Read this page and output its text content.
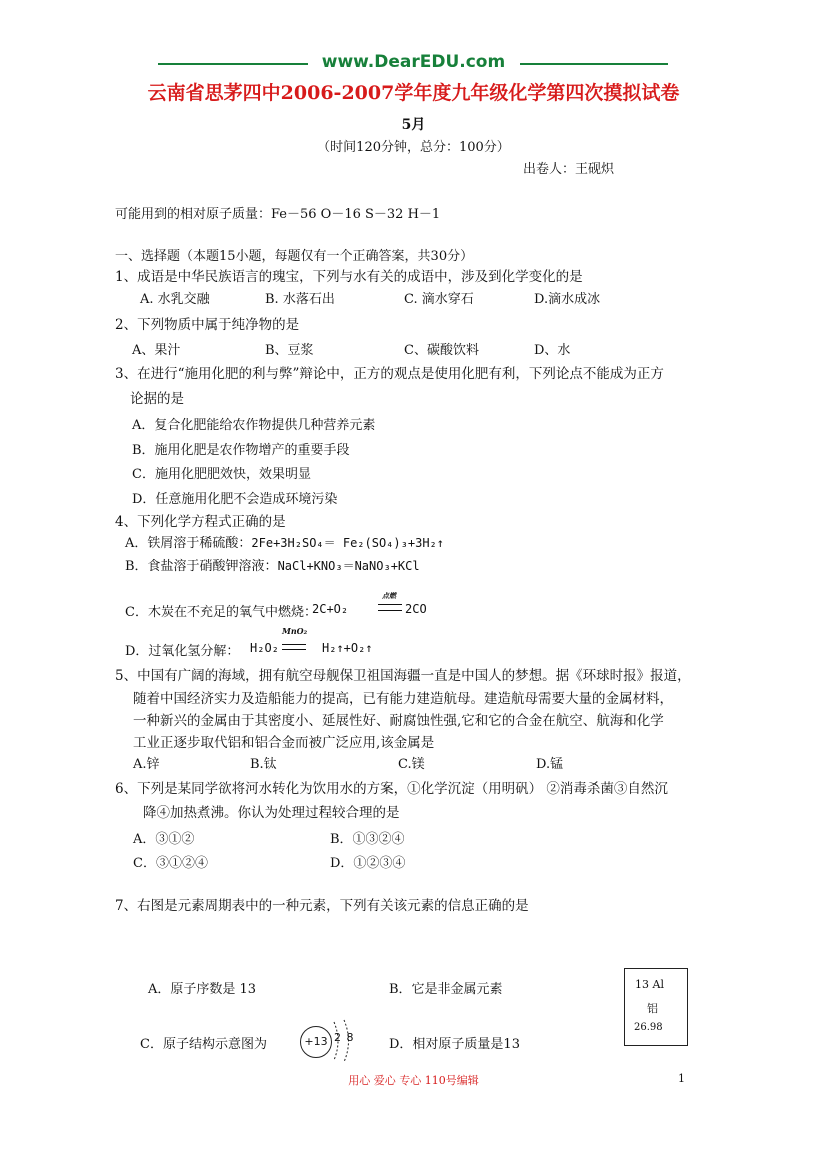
www.DearEDU.com
云南省思茅四中2006-2007学年度九年级化学第四次摸拟试卷
5月
（时间120分钟，总分：100分）
出卷人：王砚炽
可能用到的相对原子质量：Fe－56 O－16 S－32 H－1
一、选择题（本题15小题，每题仅有一个正确答案，共30分）
1、成语是中华民族语言的瑰宝，下列与水有关的成语中，涉及到化学变化的是
A. 水乳交融	B. 水落石出	C. 滴水穿石	D.滴水成冰
2、下列物质中属于纯净物的是
A、果汁	B、豆浆	C、碳酸饮料	D、水
3、在进行“施用化肥的利与弊”辩论中，正方的观点是使用化肥有利，下列论点不能成为正方
论据的是
A．复合化肥能给农作物提供几种营养元素
B．施用化肥是农作物增产的重要手段
C．施用化肥肥效快，效果明显
D．任意施用化肥不会造成环境污染
4、下列化学方程式正确的是
A．铁屑溶于稀硫酸：2Fe+3H₂SO₄＝ Fe₂(SO₄)₃+3H₂↑
B．食盐溶于硝酸钾溶液：NaCl+KNO₃＝NaNO₃+KCl
C．木炭在不充足的氧气中燃烧：
2C+O₂
点燃
2CO
D．过氧化氢分解： H₂O₂
MnO₂
H₂↑+O₂↑
5、中国有广阔的海域，拥有航空母舰保卫祖国海疆一直是中国人的梦想。据《环球时报》报道，
随着中国经济实力及造船能力的提高，已有能力建造航母。建造航母需要大量的金属材料，
一种新兴的金属由于其密度小、延展性好、耐腐蚀性强,它和它的合金在航空、航海和化学
工业正逐步取代铝和铝合金而被广泛应用,该金属是
A.锌	B.钛	C.镁	D.锰
6、下列是某同学欲将河水转化为饮用水的方案，①化学沉淀（用明矾） ②消毒杀菌③自然沉
降④加热煮沸。你认为处理过程较合理的是
A．③①②	B．①③②④
C．③①②④	D．①②③④
7、右图是元素周期表中的一种元素，下列有关该元素的信息正确的是
A．原子序数是 13	B．它是非金属元素
C．原子结构示意图为	D．相对原子质量是13
+13 2 8
13 Al
铝
26.98
用心 爱心 专心 110号编辑	1
